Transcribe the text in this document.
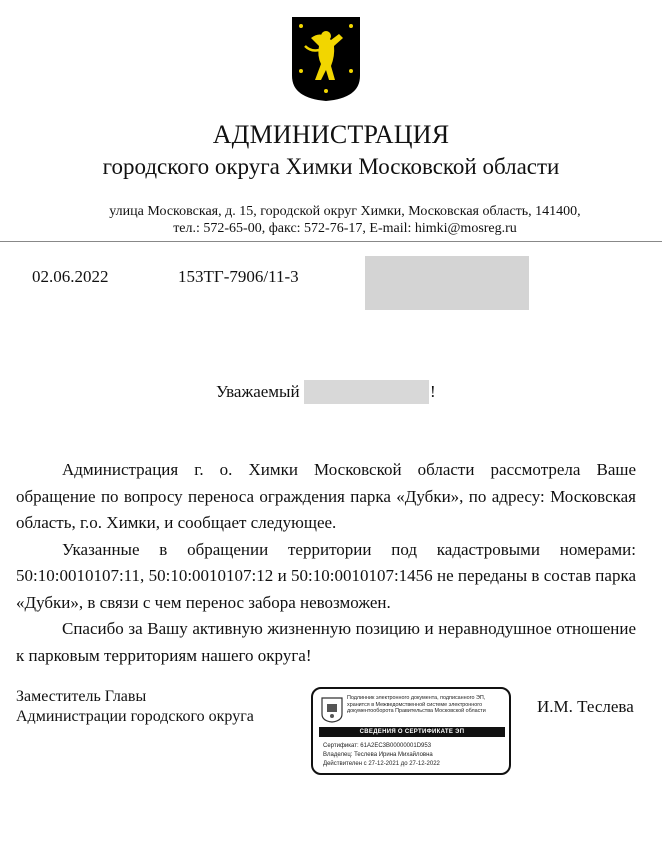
АДМИНИСТРАЦИЯ
городского округа Химки Московской области
улица Московская, д. 15, городской округ Химки, Московская область, 141400,
тел.: 572-65-00, факс: 572-76-17, E-mail: himki@mosreg.ru
02.06.2022	153ТГ-7906/11-3
Уважаемый	!

Администрация г. о. Химки Московской области рассмотрела Ваше обращение по вопросу переноса ограждения парка «Дубки», по адресу: Московская область, г.о. Химки, и сообщает следующее.

Указанные в обращении территории под кадастровыми номерами: 50:10:0010107:11, 50:10:0010107:12 и 50:10:0010107:1456 не переданы в состав парка «Дубки», в связи с чем перенос забора невозможен.

Спасибо за Вашу активную жизненную позицию и неравнодушное отношение к парковым территориям нашего округа!

Заместитель Главы
Администрации городского округа
Подлинник электронного документа, подписанного ЭП, хранится в Межведомственной системе электронного документооборота Правительства Московской области
СВЕДЕНИЯ О СЕРТИФИКАТЕ ЭП
Сертификат: 61A2EC3B00000001D953
Владелец: Теслева Ирина Михайловна
Действителен с 27-12-2021 до 27-12-2022
И.М. Теслева
